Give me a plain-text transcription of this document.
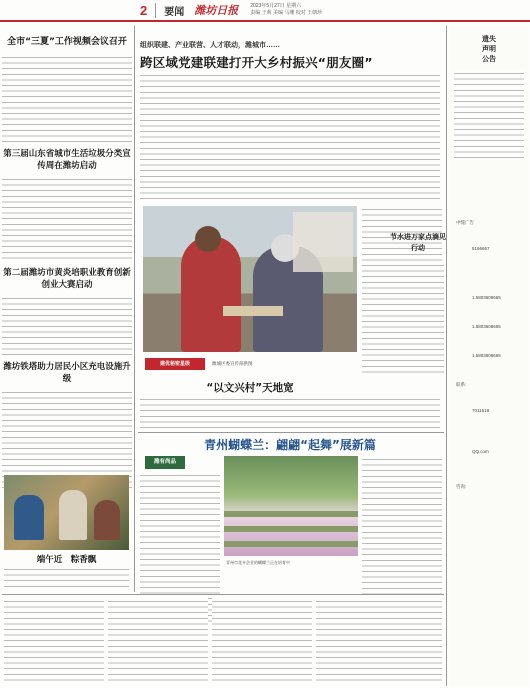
2	要闻 潍坊日报 2023年5月27日 星期六
责编 王莉 美编 马珊 校对 王朝珍
全市“三夏”工作视频会议召开
第三届山东省城市生活垃圾分类宣传周在潍坊启动
第二届潍坊市黄炎培职业教育创新创业大赛启动
潍坊铁塔助力居民小区充电设施升级
端午近　粽香飘
组织联建、产业联营、人才联动，潍城市……
跨区域党建联建打开大乡村振兴“朋友圈”
建优秘密星级	潍城区委宣传部供图
“以文兴村”天地宽
青州蝴蝶兰：翩翩“起舞”展新篇
潍有尚品
青州市花卉企业的蝴蝶兰正在培育中
节水进万家点滴见行动
遗失声明公告
中缝广告
5166667
1.5803608665
1.5803608665
1.5803608665
联系:
7011518
QQ.com
咨询:
